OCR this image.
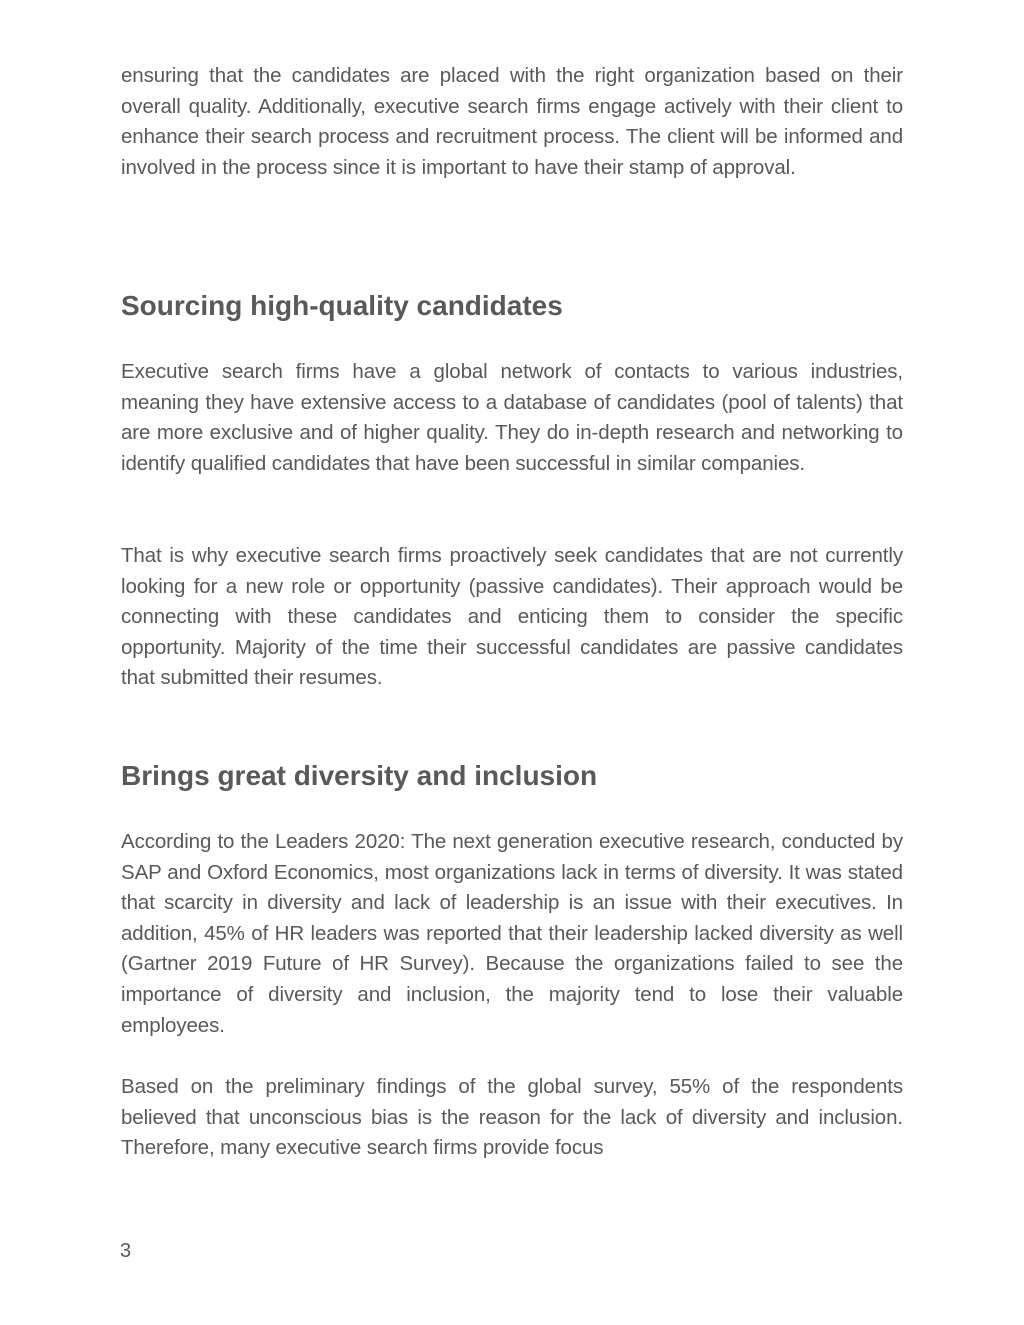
ensuring that the candidates are placed with the right organization based on their overall quality. Additionally, executive search firms engage actively with their client to enhance their search process and recruitment process. The client will be informed and involved in the process since it is important to have their stamp of approval.

Sourcing high-quality candidates

Executive search firms have a global network of contacts to various industries, meaning they have extensive access to a database of candidates (pool of talents) that are more exclusive and of higher quality. They do in-depth research and networking to identify qualified candidates that have been successful in similar companies.

That is why executive search firms proactively seek candidates that are not currently looking for a new role or opportunity (passive candidates). Their approach would be connecting with these candidates and enticing them to consider the specific opportunity. Majority of the time their successful candidates are passive candidates that submitted their resumes.

Brings great diversity and inclusion

According to the Leaders 2020: The next generation executive research, conducted by SAP and Oxford Economics, most organizations lack in terms of diversity. It was stated that scarcity in diversity and lack of leadership is an issue with their executives. In addition, 45% of HR leaders was reported that their leadership lacked diversity as well (Gartner 2019 Future of HR Survey). Because the organizations failed to see the importance of diversity and inclusion, the majority tend to lose their valuable employees.

Based on the preliminary findings of the global survey, 55% of the respondents believed that unconscious bias is the reason for the lack of diversity and inclusion. Therefore, many executive search firms provide focus

3
